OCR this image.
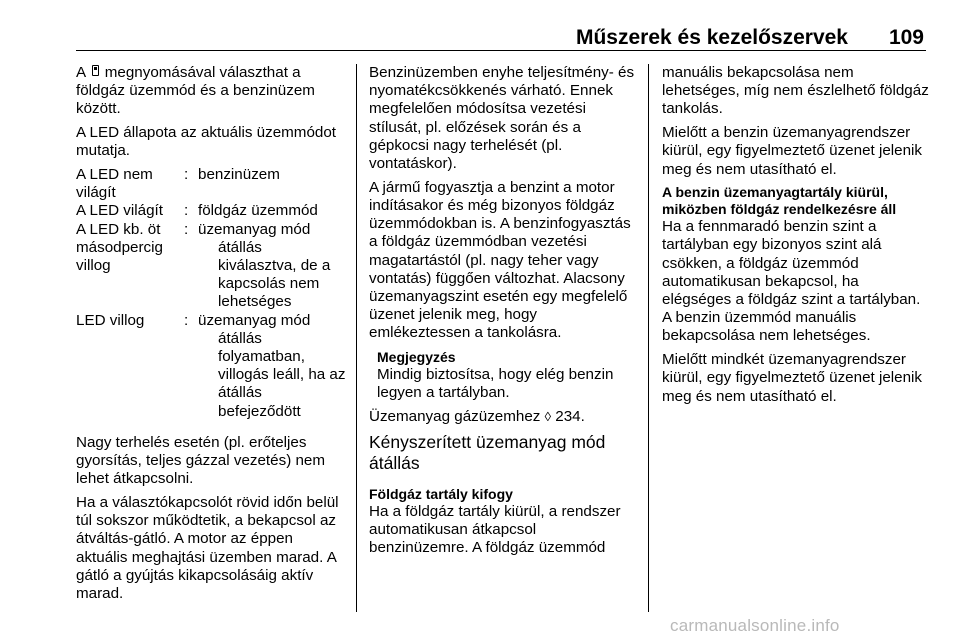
Műszerek és kezelőszervek 109

A  megnyomásával választhat a földgáz üzemmód és a benzinüzem között.

A LED állapota az aktuális üzemmódot mutatja.

A LED nem világít
: benzinüzem
A LED világít	: földgáz üzemmód
A LED kb. öt másodpercig villog
: üzemanyag mód
átállás
kiválasztva, de a
kapcsolás nem
lehetséges
LED villog	: üzemanyag mód
átállás
folyamatban,
villogás leáll, ha az
átállás
befejeződött

Nagy terhelés esetén (pl. erőteljes gyorsítás, teljes gázzal vezetés) nem lehet átkapcsolni.

Ha a választókapcsolót rövid időn belül túl sokszor működtetik, a bekapcsol az átváltás-gátló. A motor az éppen aktuális meghajtási üzemben marad. A gátló a gyújtás kikapcsolásáig aktív marad.

Benzinüzemben enyhe teljesítmény- és nyomatékcsökkenés várható. Ennek megfelelően módosítsa vezetési stílusát, pl. előzések során és a gépkocsi nagy terhelését (pl. vontatáskor).

A jármű fogyasztja a benzint a motor indításakor és még bizonyos földgáz üzemmódokban is. A benzinfogyasztás a földgáz üzemmódban vezetési magatartástól (pl. nagy teher vagy vontatás) függően változhat. Alacsony üzemanyagszint esetén egy megfelelő üzenet jelenik meg, hogy emlékeztessen a tankolásra.

Megjegyzés
Mindig biztosítsa, hogy elég benzin legyen a tartályban.

Üzemanyag gázüzemhez ◊ 234.

Kényszerített üzemanyag mód átállás
Földgáz tartály kifogy

Ha a földgáz tartály kiürül, a rendszer automatikusan átkapcsol benzinüzemre. A földgáz üzemmód

manuális bekapcsolása nem lehetséges, míg nem észlelhető földgáz tankolás.

Mielőtt a benzin üzemanyagrendszer kiürül, egy figyelmeztető üzenet jelenik meg és nem utasítható el.

A benzin üzemanyagtartály kiürül, miközben földgáz rendelkezésre áll

Ha a fennmaradó benzin szint a tartályban egy bizonyos szint alá csökken, a földgáz üzemmód automatikusan bekapcsol, ha elégséges a földgáz szint a tartályban. A benzin üzemmód manuális bekapcsolása nem lehetséges.

Mielőtt mindkét üzemanyagrendszer kiürül, egy figyelmeztető üzenet jelenik meg és nem utasítható el.

carmanualsonline.info
